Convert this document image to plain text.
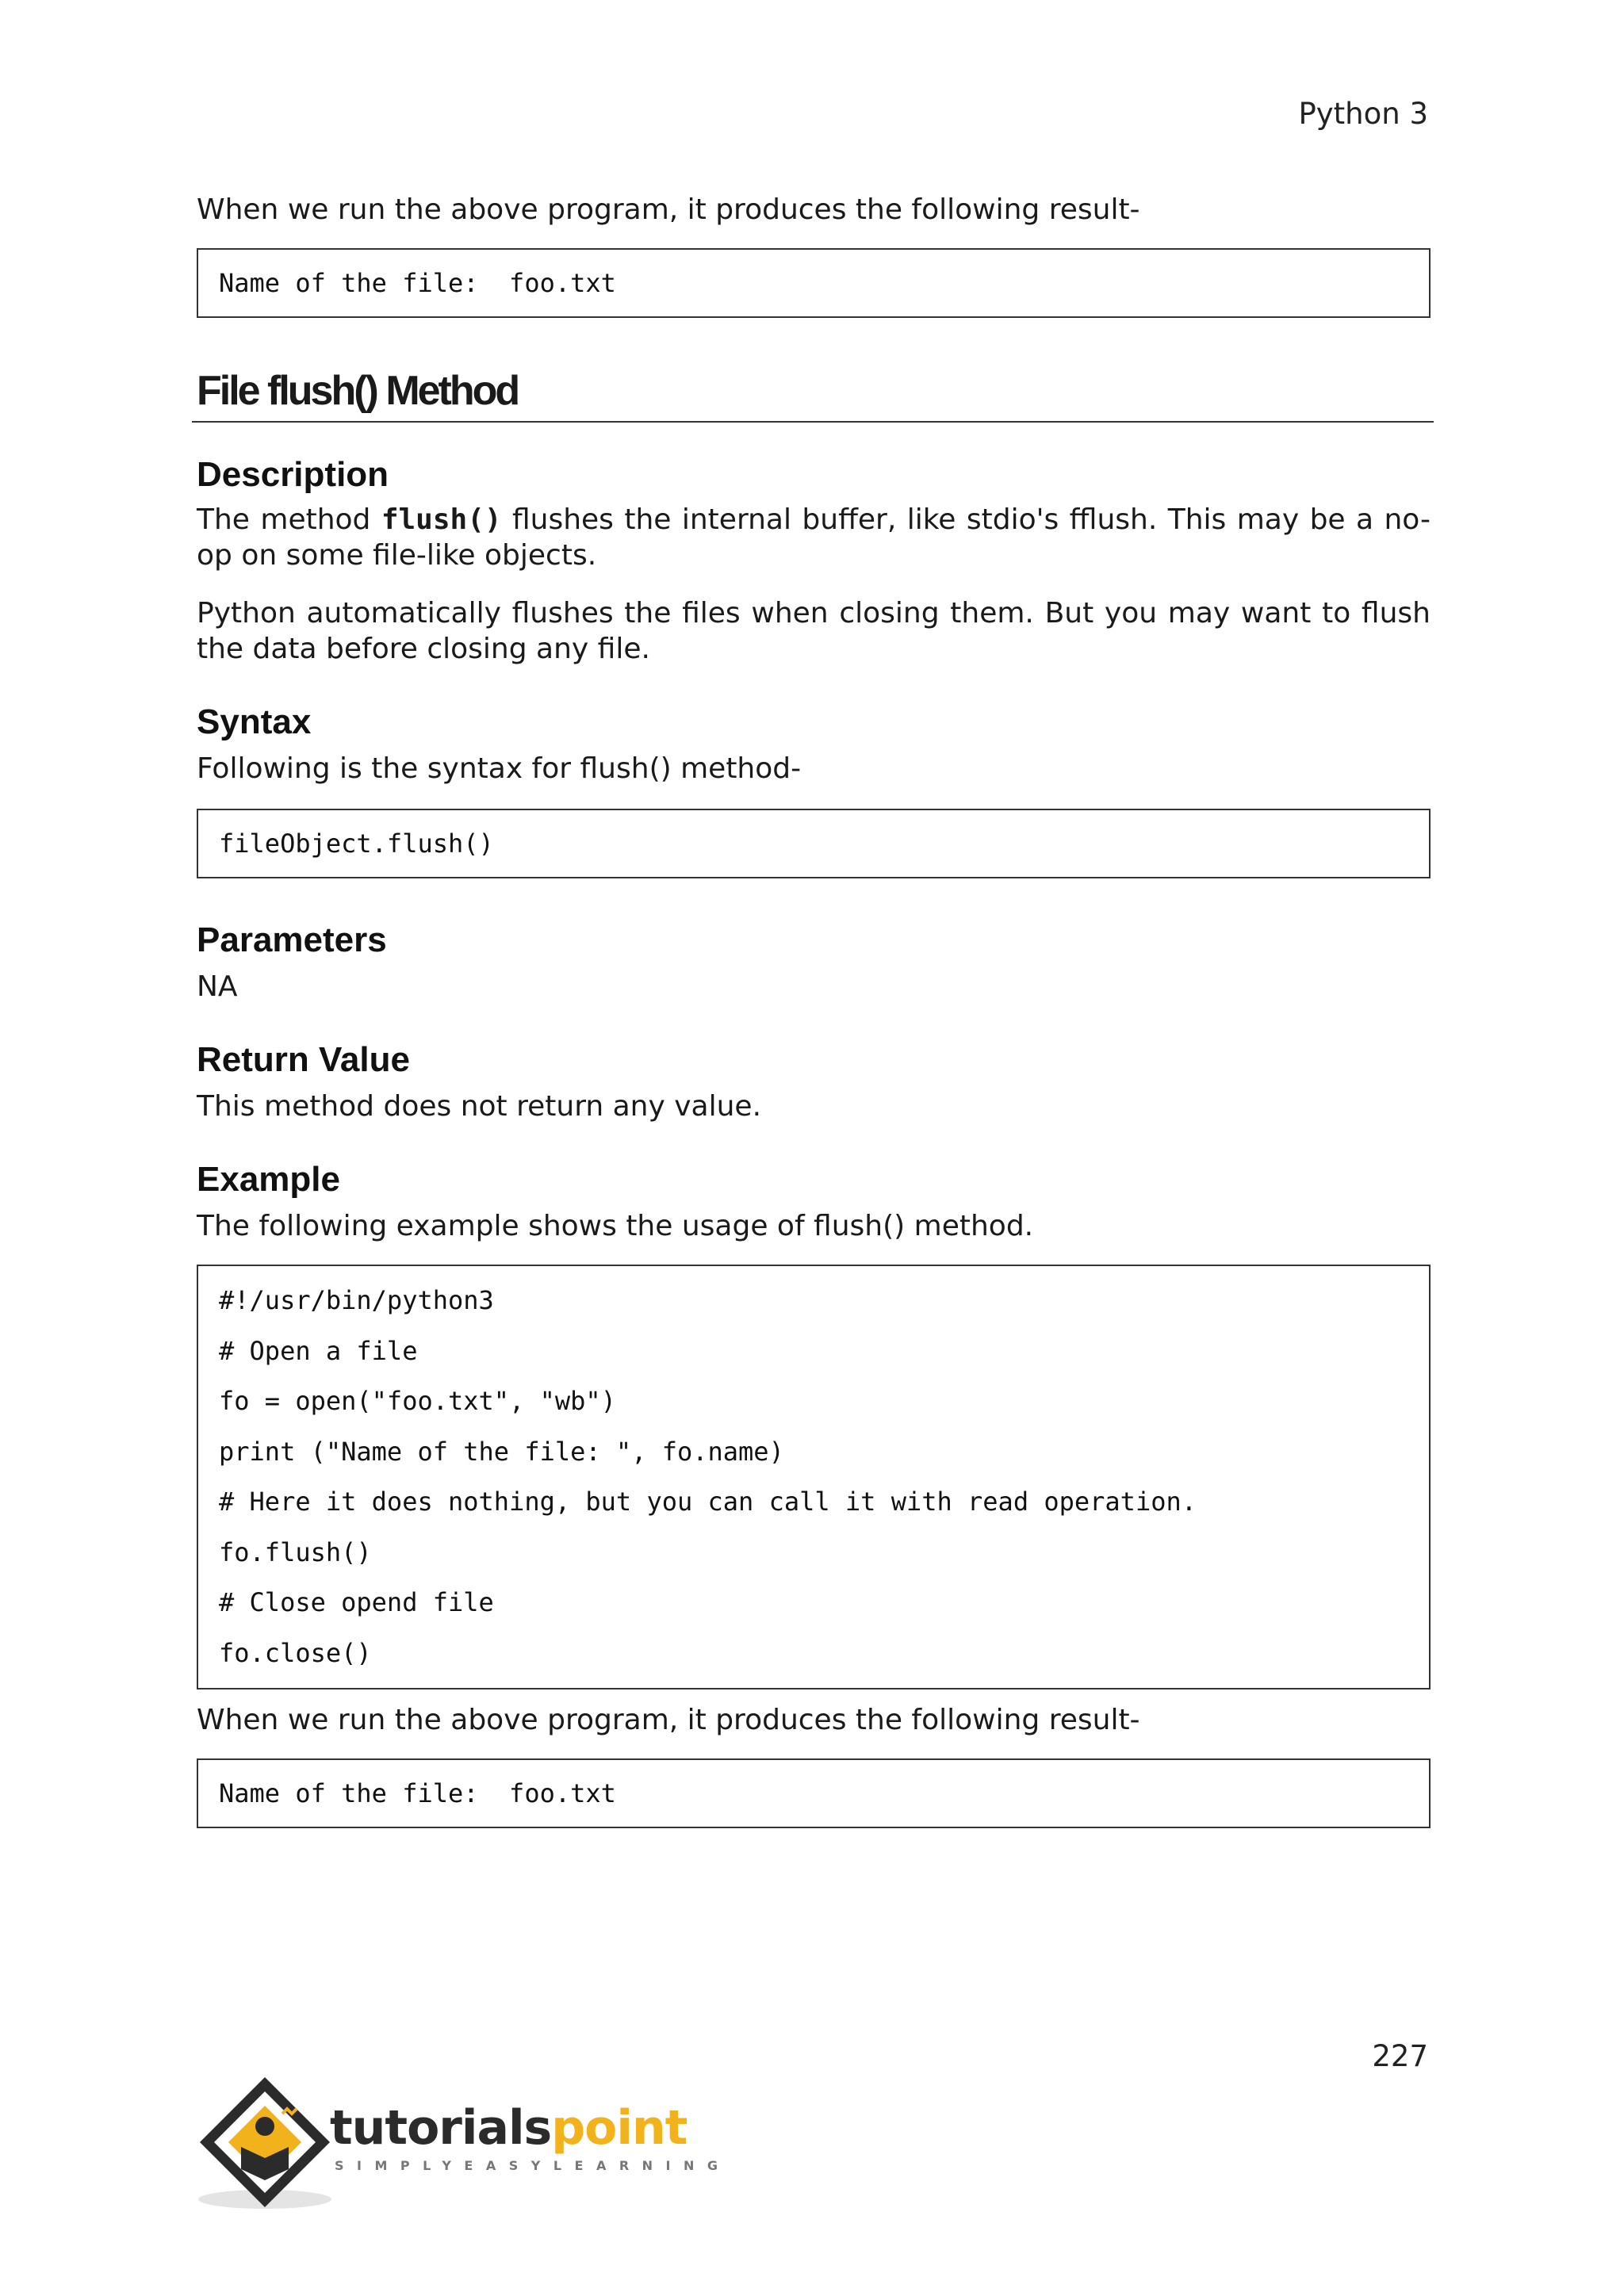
Python 3

When we run the above program, it produces the following result-

Name of the file:  foo.txt
File flush() Method
Description

The method flush() flushes the internal buffer, like stdio's fflush. This may be a no-op on some file-like objects.

Python automatically flushes the files when closing them. But you may want to flush the data before closing any file.

Syntax

Following is the syntax for flush() method-

fileObject.flush()
Parameters

NA

Return Value

This method does not return any value.

Example

The following example shows the usage of flush() method.

#!/usr/bin/python3
# Open a file
fo = open("foo.txt", "wb")
print ("Name of the file: ", fo.name)
# Here it does nothing, but you can call it with read operation.
fo.flush()
# Close opend file
fo.close()

When we run the above program, it produces the following result-

Name of the file:  foo.txt
227
tutorialspoint
SIMPLYEASYLEARNING
